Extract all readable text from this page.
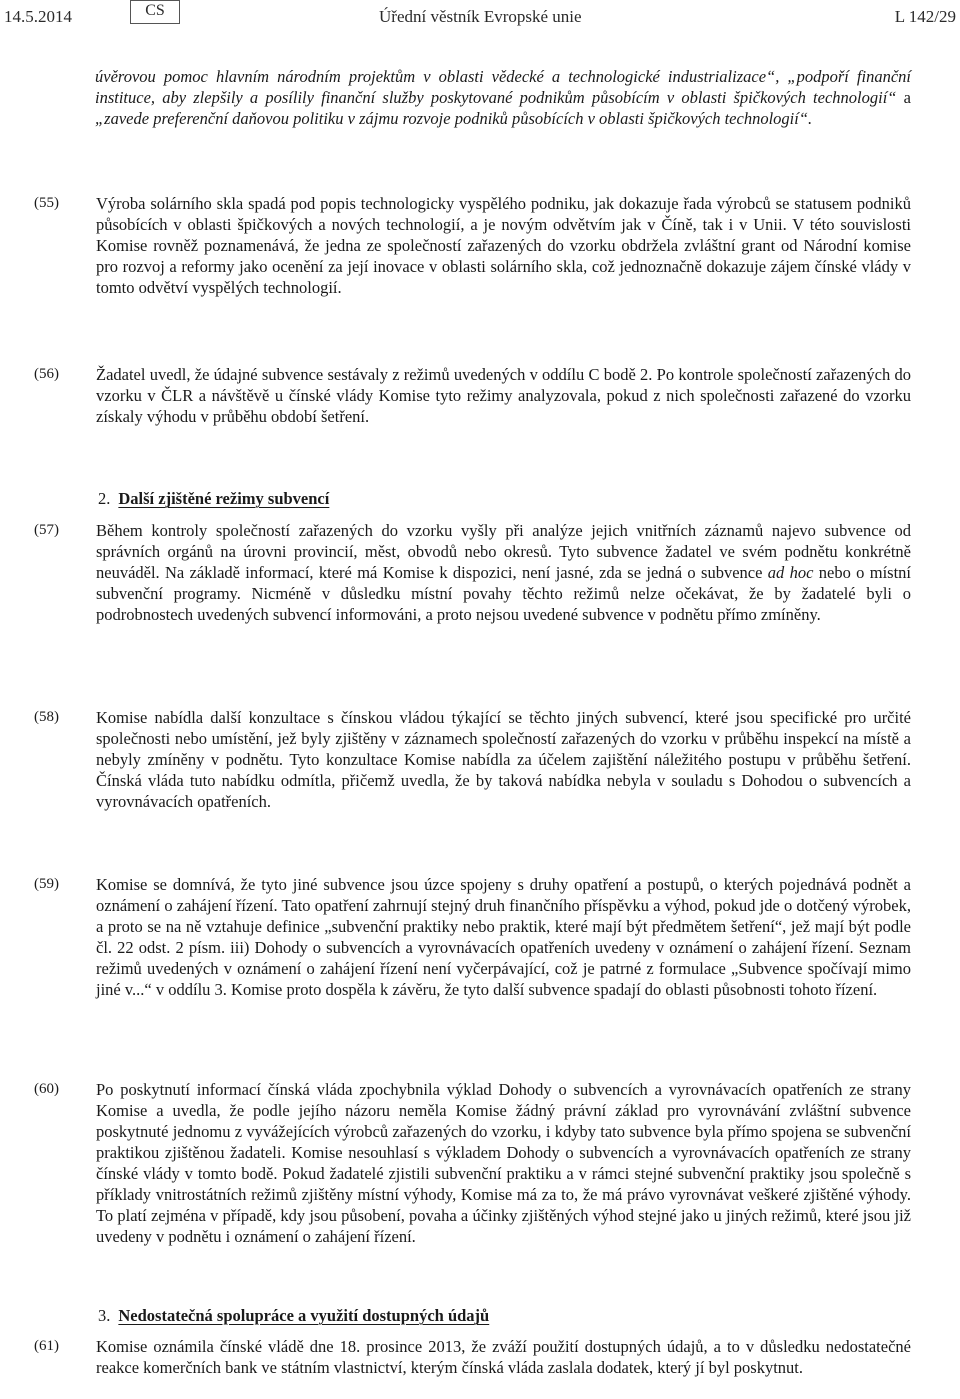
14.5.2014	CS	Úřední věstník Evropské unie	L 142/29
úvěrovou pomoc hlavním národním projektům v oblasti vědecké a technologické industrializace“, „podpoří finanční instituce, aby zlepšily a posílily finanční služby poskytované podnikům působícím v oblasti špičkových technologií“ a „zavede preferenční daňovou politiku v zájmu rozvoje podniků působících v oblasti špičkových technologií“.
(55)	Výroba solárního skla spadá pod popis technologicky vyspělého podniku, jak dokazuje řada výrobců se statusem podniků působících v oblasti špičkových a nových technologií, a je novým odvětvím jak v Číně, tak i v Unii. V této souvislosti Komise rovněž poznamenává, že jedna ze společností zařazených do vzorku obdržela zvláštní grant od Národní komise pro rozvoj a reformy jako ocenění za její inovace v oblasti solárního skla, což jednoznačně dokazuje zájem čínské vlády v tomto odvětví vyspělých technologií.
(56)	Žadatel uvedl, že údajné subvence sestávaly z režimů uvedených v oddílu C bodě 2. Po kontrole společností zařazených do vzorku v ČLR a návštěvě u čínské vlády Komise tyto režimy analyzovala, pokud z nich společnosti zařazené do vzorku získaly výhodu v průběhu období šetření.
2. Další zjištěné režimy subvencí
(57)	Během kontroly společností zařazených do vzorku vyšly při analýze jejich vnitřních záznamů najevo subvence od správních orgánů na úrovni provincií, měst, obvodů nebo okresů. Tyto subvence žadatel ve svém podnětu konkrétně neuváděl. Na základě informací, které má Komise k dispozici, není jasné, zda se jedná o subvence ad hoc nebo o místní subvenční programy. Nicméně v důsledku místní povahy těchto režimů nelze očekávat, že by žadatelé byli o podrobnostech uvedených subvencí informováni, a proto nejsou uvedené subvence v podnětu přímo zmíněny.
(58)	Komise nabídla další konzultace s čínskou vládou týkající se těchto jiných subvencí, které jsou specifické pro určité společnosti nebo umístění, jež byly zjištěny v záznamech společností zařazených do vzorku v průběhu inspekcí na místě a nebyly zmíněny v podnětu. Tyto konzultace Komise nabídla za účelem zajištění náležitého postupu v průběhu šetření. Čínská vláda tuto nabídku odmítla, přičemž uvedla, že by taková nabídka nebyla v souladu s Dohodou o subvencích a vyrovnávacích opatřeních.
(59)	Komise se domnívá, že tyto jiné subvence jsou úzce spojeny s druhy opatření a postupů, o kterých pojednává podnět a oznámení o zahájení řízení. Tato opatření zahrnují stejný druh finančního příspěvku a výhod, pokud jde o dotčený výrobek, a proto se na ně vztahuje definice „subvenční praktiky nebo praktik, které mají být předmětem šetření“, jež mají být podle čl. 22 odst. 2 písm. iii) Dohody o subvencích a vyrovnávacích opatřeních uvedeny v oznámení o zahájení řízení. Seznam režimů uvedených v oznámení o zahájení řízení není vyčerpávající, což je patrné z formulace „Subvence spočívají mimo jiné v...“ v oddílu 3. Komise proto dospěla k závěru, že tyto další subvence spadají do oblasti působnosti tohoto řízení.
(60)	Po poskytnutí informací čínská vláda zpochybnila výklad Dohody o subvencích a vyrovnávacích opatřeních ze strany Komise a uvedla, že podle jejího názoru neměla Komise žádný právní základ pro vyrovnávání zvláštní subvence poskytnuté jednomu z vyvážejících výrobců zařazených do vzorku, i kdyby tato subvence byla přímo spojena se subvenční praktikou zjištěnou žadateli. Komise nesouhlasí s výkladem Dohody o subvencích a vyrovnávacích opatřeních ze strany čínské vlády v tomto bodě. Pokud žadatelé zjistili subvenční praktiku a v rámci stejné subvenční praktiky jsou společně s příklady vnitrostátních režimů zjištěny místní výhody, Komise má za to, že má právo vyrovnávat veškeré zjištěné výhody. To platí zejména v případě, kdy jsou působení, povaha a účinky zjištěných výhod stejné jako u jiných režimů, které jsou již uvedeny v podnětu i oznámení o zahájení řízení.
3. Nedostatečná spolupráce a využití dostupných údajů
(61)	Komise oznámila čínské vládě dne 18. prosince 2013, že zváží použití dostupných údajů, a to v důsledku nedostatečné reakce komerčních bank ve státním vlastnictví, kterým čínská vláda zaslala dodatek, který jí byl poskytnut.
